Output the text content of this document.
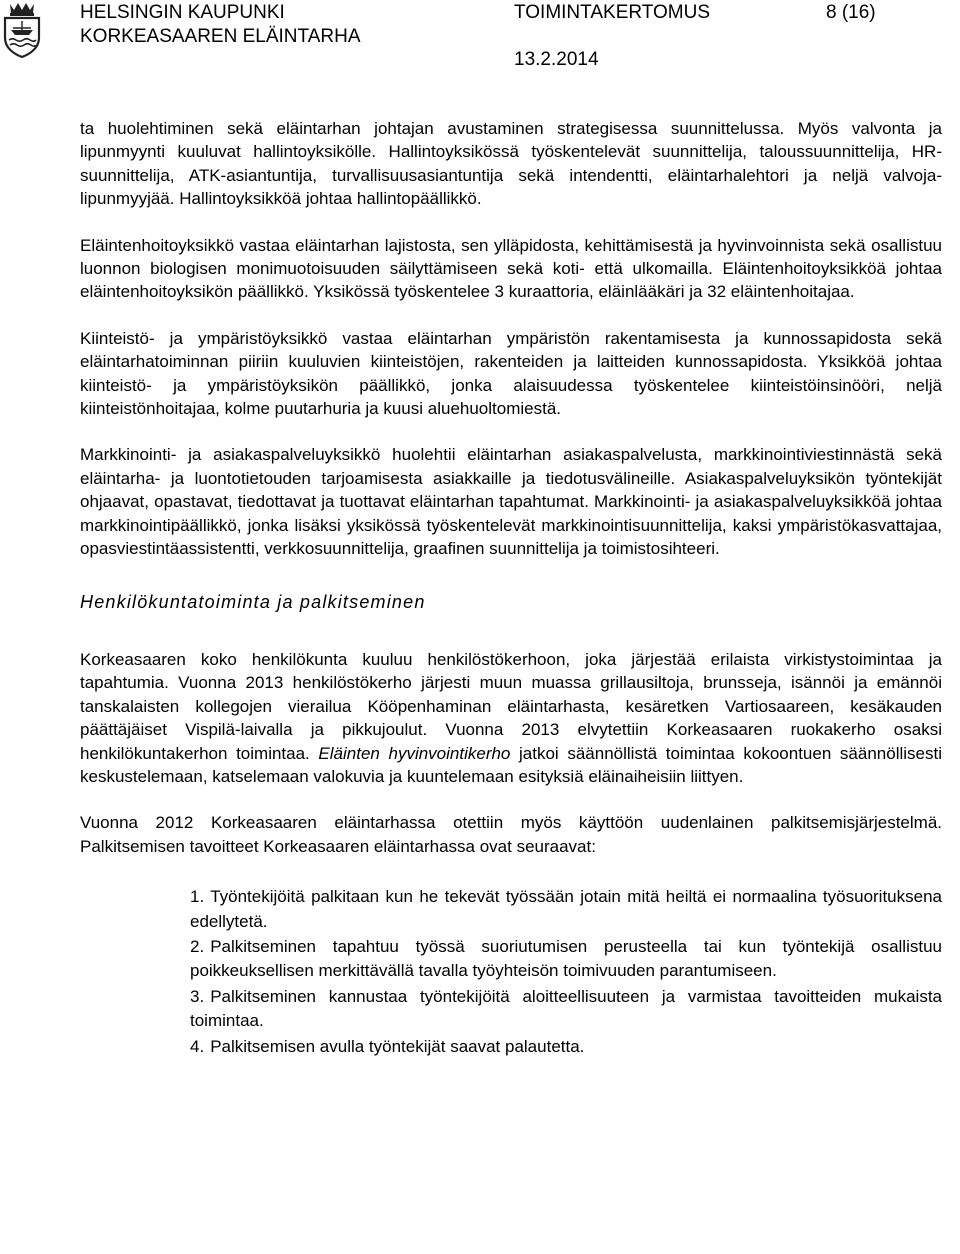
HELSINGIN KAUPUNKI
KORKEASAAREN ELÄINTARHA
TOIMINTAKERTOMUS	8 (16)
13.2.2014

ta huolehtiminen sekä eläintarhan johtajan avustaminen strategisessa suunnittelussa. Myös valvonta ja lipunmyynti kuuluvat hallintoyksikölle. Hallintoyksikössä työskentelevät suunnittelija, taloussuunnittelija, HR-suunnittelija, ATK-asiantuntija, turvallisuusasiantuntija sekä intendentti, eläintarhalehtori ja neljä valvoja-lipunmyyjää. Hallintoyksikköä johtaa hallintopäällikkö.

Eläintenhoitoyksikkö vastaa eläintarhan lajistosta, sen ylläpidosta, kehittämisestä ja hyvinvoinnista sekä osallistuu luonnon biologisen monimuotoisuuden säilyttämiseen sekä koti- että ulkomailla. Eläintenhoitoyksikköä johtaa eläintenhoitoyksikön päällikkö. Yksikössä työskentelee 3 kuraattoria, eläinlääkäri ja 32 eläintenhoitajaa.

Kiinteistö- ja ympäristöyksikkö vastaa eläintarhan ympäristön rakentamisesta ja kunnossapidosta sekä eläintarhatoiminnan piiriin kuuluvien kiinteistöjen, rakenteiden ja laitteiden kunnossapidosta. Yksikköä johtaa kiinteistö- ja ympäristöyksikön päällikkö, jonka alaisuudessa työskentelee kiinteistöinsinööri, neljä kiinteistönhoitajaa, kolme puutarhuria ja kuusi aluehuoltomiestä.

Markkinointi- ja asiakaspalveluyksikkö huolehtii eläintarhan asiakaspalvelusta, markkinointiviestinnästä sekä eläintarha- ja luontotietouden tarjoamisesta asiakkaille ja tiedotusvälineille. Asiakaspalveluyksikön työntekijät ohjaavat, opastavat, tiedottavat ja tuottavat eläintarhan tapahtumat. Markkinointi- ja asiakaspalveluyksikköä johtaa markkinointipäällikkö, jonka lisäksi yksikössä työskentelevät markkinointisuunnittelija, kaksi ympäristökasvattajaa, opasviestintäassistentti, verkkosuunnittelija, graafinen suunnittelija ja toimistosihteeri.

Henkilökuntatoiminta ja palkitseminen

Korkeasaaren koko henkilökunta kuuluu henkilöstökerhoon, joka järjestää erilaista virkistystoimintaa ja tapahtumia. Vuonna 2013 henkilöstökerho järjesti muun muassa grillausiltoja, brunsseja, isännöi ja emännöi tanskalaisten kollegojen vierailua Kööpenhaminan eläintarhasta, kesäretken Vartiosaareen, kesäkauden päättäjäiset Vispilä-laivalla ja pikkujoulut. Vuonna 2013 elvytettiin Korkeasaaren ruokakerho osaksi henkilökuntakerhon toimintaa. Eläinten hyvinvointikerho jatkoi säännöllistä toimintaa kokoontuen säännöllisesti keskustelemaan, katselemaan valokuvia ja kuuntelemaan esityksiä eläinaiheisiin liittyen.

Vuonna 2012 Korkeasaaren eläintarhassa otettiin myös käyttöön uudenlainen palkitsemisjärjestelmä. Palkitsemisen tavoitteet Korkeasaaren eläintarhassa ovat seuraavat:

1. Työntekijöitä palkitaan kun he tekevät työssään jotain mitä heiltä ei normaalina työsuorituksena edellytetä.
2. Palkitseminen tapahtuu työssä suoriutumisen perusteella tai kun työntekijä osallistuu poikkeuksellisen merkittävällä tavalla työyhteisön toimivuuden parantumiseen.
3. Palkitseminen kannustaa työntekijöitä aloitteellisuuteen ja varmistaa tavoitteiden mukaista toimintaa.
4. Palkitsemisen avulla työntekijät saavat palautetta.
